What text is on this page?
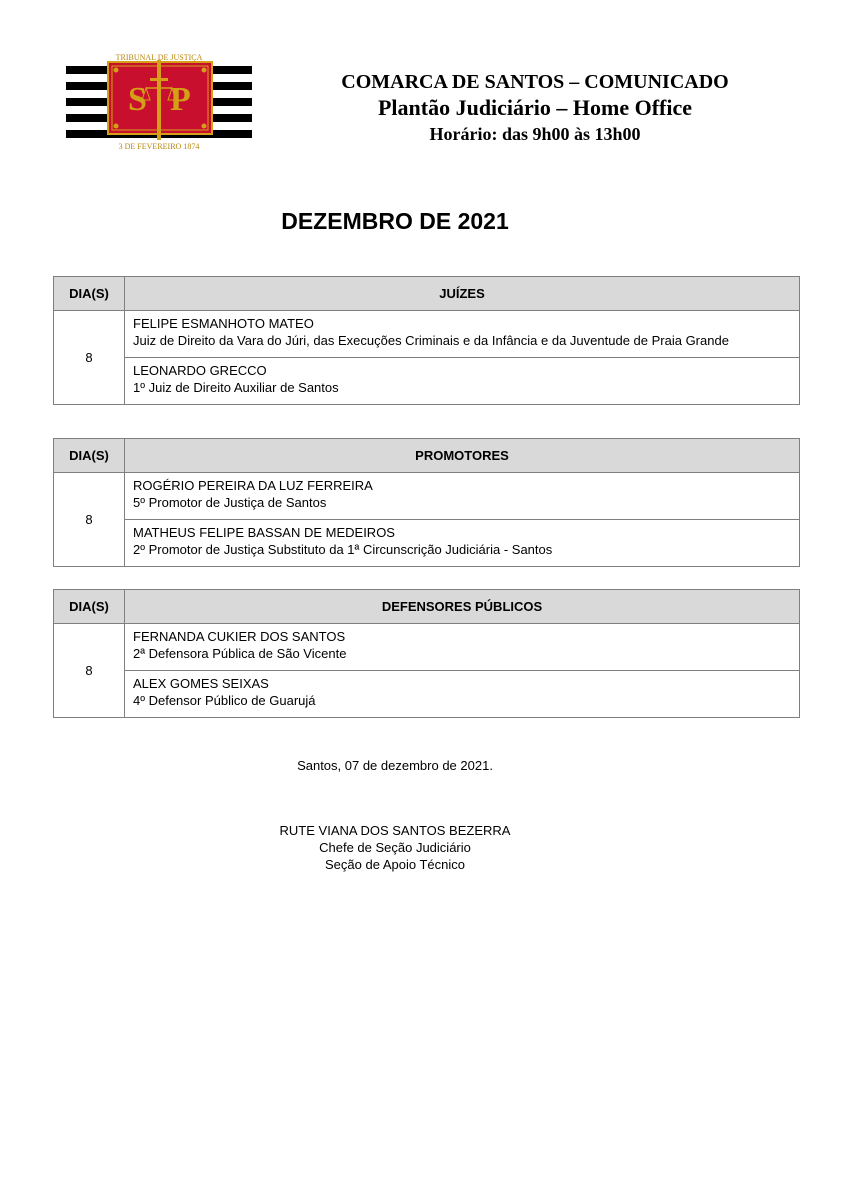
S P
TRIBUNAL DE JUSTIÇA
3 DE FEVEREIRO 1874
COMARCA DE SANTOS – COMUNICADO
Plantão Judiciário – Home Office
Horário: das 9h00 às 13h00
DEZEMBRO DE 2021
DIA(S)	JUÍZES
8	FELIPE ESMANHOTO MATEO
Juiz de Direito da Vara do Júri, das Execuções Criminais e da Infância e da Juventude de Praia Grande

	LEONARDO GRECCO
1º Juiz de Direito Auxiliar de Santos
DIA(S)	PROMOTORES
8	ROGÉRIO PEREIRA DA LUZ FERREIRA
5º Promotor de Justiça de Santos

	MATHEUS FELIPE BASSAN DE MEDEIROS
2º Promotor de Justiça Substituto da 1ª Circunscrição Judiciária - Santos
DIA(S)	DEFENSORES PÚBLICOS
8	FERNANDA CUKIER DOS SANTOS
2ª Defensora Pública de São Vicente

	ALEX GOMES SEIXAS
4º Defensor Público de Guarujá
Santos, 07 de dezembro de 2021.
RUTE VIANA DOS SANTOS BEZERRA
Chefe de Seção Judiciário
Seção de Apoio Técnico
